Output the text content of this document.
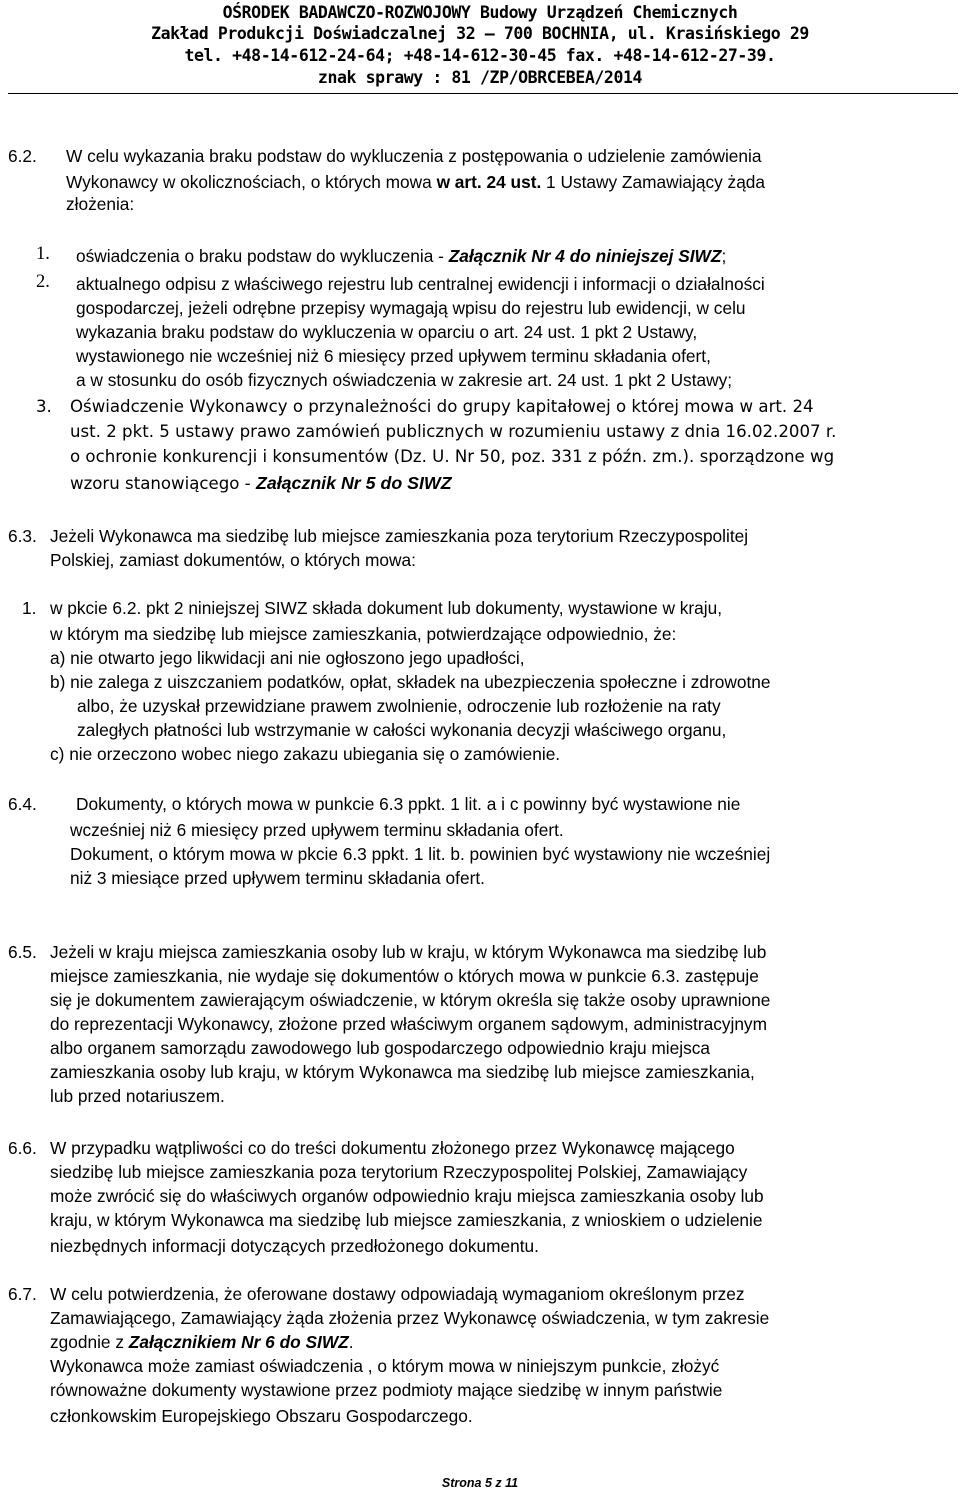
OŚRODEK BADAWCZO-ROZWOJOWY Budowy Urządzeń Chemicznych
Zakład Produkcji Doświadczalnej 32 – 700 BOCHNIA, ul. Krasińskiego 29
tel. +48-14-612-24-64; +48-14-612-30-45 fax. +48-14-612-27-39.
znak sprawy : 81 /ZP/OBRCEBEA/2014
6.2. W celu wykazania braku podstaw do wykluczenia z postępowania o udzielenie zamówienia
Wykonawcy w okolicznościach, o których mowa w art. 24 ust. 1 Ustawy Zamawiający żąda
złożenia:
1. oświadczenia o braku podstaw do wykluczenia - Załącznik Nr 4 do niniejszej SIWZ;
2. aktualnego odpisu z właściwego rejestru lub centralnej ewidencji i informacji o działalności
gospodarczej, jeżeli odrębne przepisy wymagają wpisu do rejestru lub ewidencji, w celu
wykazania braku podstaw do wykluczenia w oparciu o art. 24 ust. 1 pkt 2 Ustawy,
wystawionego nie wcześniej niż 6 miesięcy przed upływem terminu składania ofert,
a w stosunku do osób fizycznych oświadczenia w zakresie art. 24 ust. 1 pkt 2 Ustawy;
3. Oświadczenie Wykonawcy o przynależności do grupy kapitałowej o której mowa w art. 24
ust. 2 pkt. 5 ustawy prawo zamówień publicznych w rozumieniu ustawy z dnia 16.02.2007 r.
o ochronie konkurencji i konsumentów (Dz. U. Nr 50, poz. 331 z późn. zm.). sporządzone wg
wzoru stanowiącego - Załącznik Nr 5 do SIWZ
6.3. Jeżeli Wykonawca ma siedzibę lub miejsce zamieszkania poza terytorium Rzeczypospolitej
Polskiej, zamiast dokumentów, o których mowa:
1. w pkcie 6.2. pkt 2 niniejszej SIWZ składa dokument lub dokumenty, wystawione w kraju,
w którym ma siedzibę lub miejsce zamieszkania, potwierdzające odpowiednio, że:
a) nie otwarto jego likwidacji ani nie ogłoszono jego upadłości,
b) nie zalega z uiszczaniem podatków, opłat, składek na ubezpieczenia społeczne i zdrowotne
albo, że uzyskał przewidziane prawem zwolnienie, odroczenie lub rozłożenie na raty
zaległych płatności lub wstrzymanie w całości wykonania decyzji właściwego organu,
c) nie orzeczono wobec niego zakazu ubiegania się o zamówienie.
6.4. Dokumenty, o których mowa w punkcie 6.3 ppkt. 1 lit. a i c powinny być wystawione nie
wcześniej niż 6 miesięcy przed upływem terminu składania ofert.
Dokument, o którym mowa w pkcie 6.3 ppkt. 1 lit. b. powinien być wystawiony nie wcześniej
niż 3 miesiące przed upływem terminu składania ofert.
6.5. Jeżeli w kraju miejsca zamieszkania osoby lub w kraju, w którym Wykonawca ma siedzibę lub
miejsce zamieszkania, nie wydaje się dokumentów o których mowa w punkcie 6.3. zastępuje
się je dokumentem zawierającym oświadczenie, w którym określa się także osoby uprawnione
do reprezentacji Wykonawcy, złożone przed właściwym organem sądowym, administracyjnym
albo organem samorządu zawodowego lub gospodarczego odpowiednio kraju miejsca
zamieszkania osoby lub kraju, w którym Wykonawca ma siedzibę lub miejsce zamieszkania,
lub przed notariuszem.
6.6. W przypadku wątpliwości co do treści dokumentu złożonego przez Wykonawcę mającego
siedzibę lub miejsce zamieszkania poza terytorium Rzeczypospolitej Polskiej, Zamawiający
może zwrócić się do właściwych organów odpowiednio kraju miejsca zamieszkania osoby lub
kraju, w którym Wykonawca ma siedzibę lub miejsce zamieszkania, z wnioskiem o udzielenie
niezbędnych informacji dotyczących przedłożonego dokumentu.
6.7. W celu potwierdzenia, że oferowane dostawy odpowiadają wymaganiom określonym przez
Zamawiającego, Zamawiający żąda złożenia przez Wykonawcę oświadczenia, w tym zakresie
zgodnie z Załącznikiem Nr 6 do SIWZ.
Wykonawca może zamiast oświadczenia , o którym mowa w niniejszym punkcie, złożyć
równoważne dokumenty wystawione przez podmioty mające siedzibę w innym państwie
członkowskim Europejskiego Obszaru Gospodarczego.
Strona 5 z 11
